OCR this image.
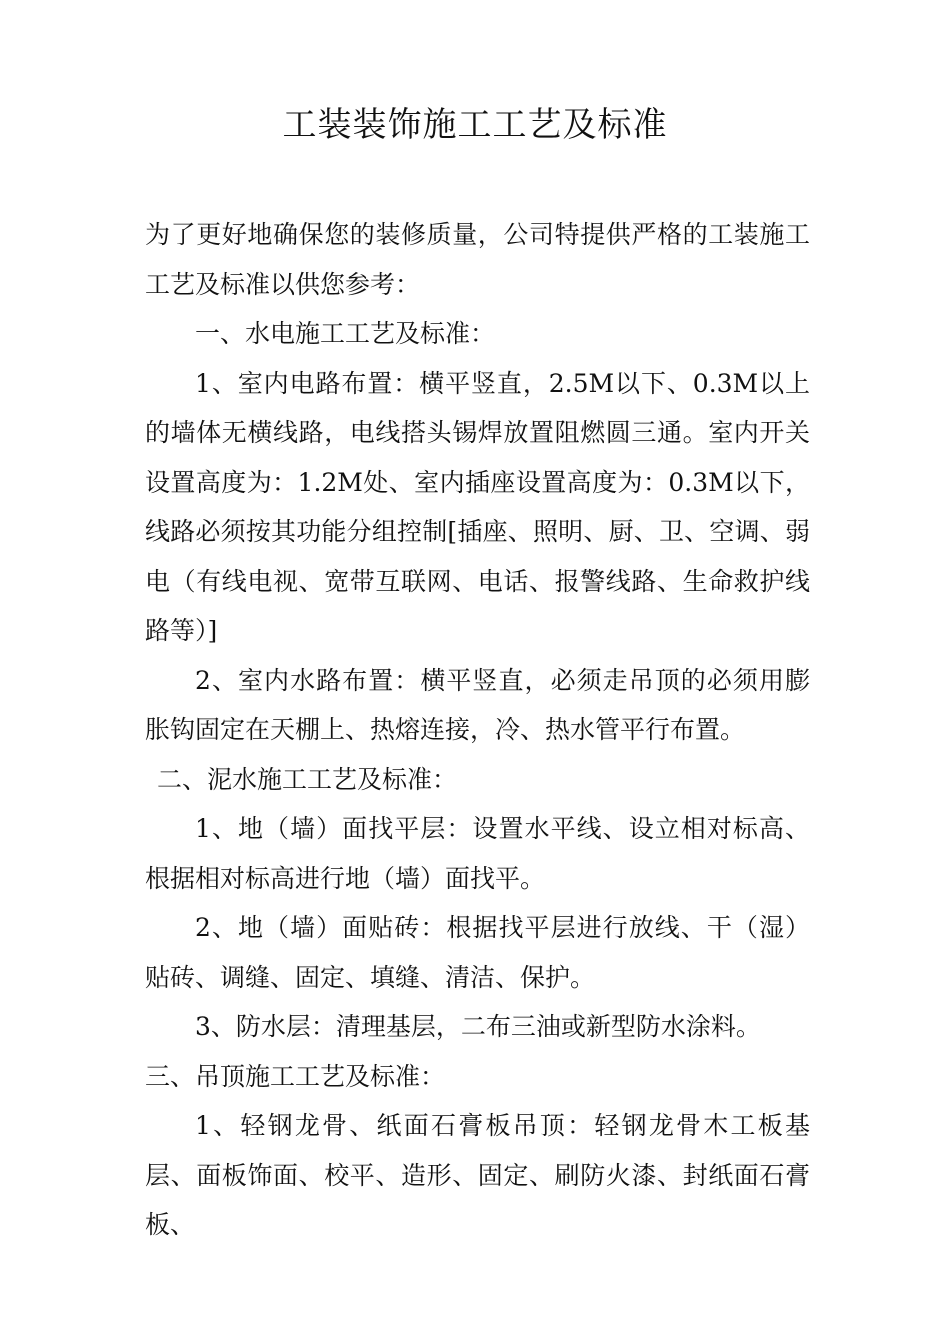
工装装饰施工工艺及标准

为了更好地确保您的装修质量，公司特提供严格的工装施工工艺及标准以供您参考：

一、水电施工工艺及标准：

1、室内电路布置：横平竖直，2.5M以下、0.3M以上的墙体无横线路，电线搭头锡焊放置阻燃圆三通。室内开关设置高度为：1.2M处、室内插座设置高度为：0.3M以下，线路必须按其功能分组控制[插座、照明、厨、卫、空调、弱电（有线电视、宽带互联网、电话、报警线路、生命救护线路等）]

2、室内水路布置：横平竖直，必须走吊顶的必须用膨胀钩固定在天棚上、热熔连接，冷、热水管平行布置。

二、泥水施工工艺及标准：

1、地（墙）面找平层：设置水平线、设立相对标高、根据相对标高进行地（墙）面找平。

2、地（墙）面贴砖：根据找平层进行放线、干（湿）贴砖、调缝、固定、填缝、清洁、保护。

3、防水层：清理基层，二布三油或新型防水涂料。

三、吊顶施工工艺及标准：

1、轻钢龙骨、纸面石膏板吊顶：轻钢龙骨木工板基层、面板饰面、校平、造形、固定、刷防火漆、封纸面石膏板、
